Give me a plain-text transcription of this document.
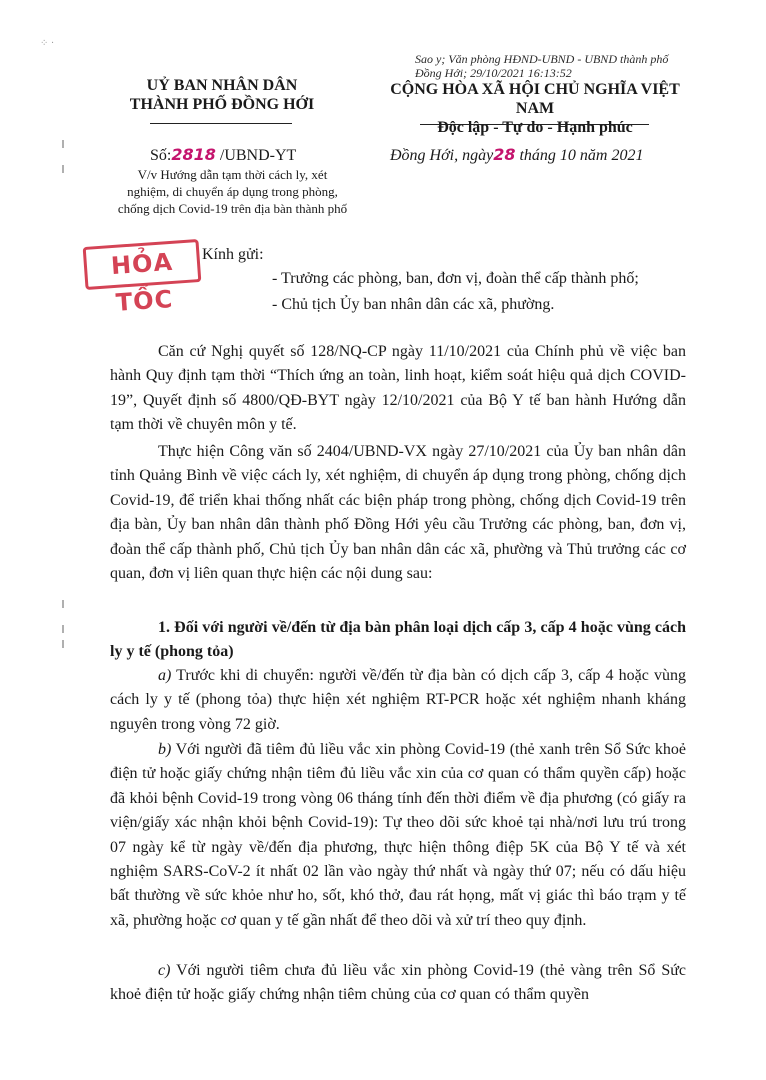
⁘ ·
Sao y; Văn phòng HĐND-UBND - UBND thành phố
Đồng Hới; 29/10/2021 16:13:52

UỶ BAN NHÂN DÂN

THÀNH PHỐ ĐỒNG HỚI

CỘNG HÒA XÃ HỘI CHỦ NGHĨA VIỆT NAM

Độc lập - Tự do - Hạnh phúc

Số:2818 /UBND-YT
V/v Hướng dẫn tạm thời cách ly, xét
nghiệm, di chuyển áp dụng trong phòng,
chống dịch Covid-19 trên địa bàn thành phố
Đồng Hới, ngày28 tháng 10 năm 2021
HỎA TỐC
Kính gửi:
- Trưởng các phòng, ban, đơn vị, đoàn thể cấp thành phố;
- Chủ tịch Ủy ban nhân dân các xã, phường.

Căn cứ Nghị quyết số 128/NQ-CP ngày 11/10/2021 của Chính phủ về việc ban hành Quy định tạm thời “Thích ứng an toàn, linh hoạt, kiểm soát hiệu quả dịch COVID-19”, Quyết định số 4800/QĐ-BYT ngày 12/10/2021 của Bộ Y tế ban hành Hướng dẫn tạm thời về chuyên môn y tế.

Thực hiện Công văn số 2404/UBND-VX ngày 27/10/2021 của Ủy ban nhân dân tỉnh Quảng Bình về việc cách ly, xét nghiệm, di chuyển áp dụng trong phòng, chống dịch Covid-19, để triển khai thống nhất các biện pháp trong phòng, chống dịch Covid-19 trên địa bàn, Ủy ban nhân dân thành phố Đồng Hới yêu cầu Trưởng các phòng, ban, đơn vị, đoàn thể cấp thành phố, Chủ tịch Ủy ban nhân dân các xã, phường và Thủ trưởng các cơ quan, đơn vị liên quan thực hiện các nội dung sau:

1. Đối với người về/đến từ địa bàn phân loại dịch cấp 3, cấp 4 hoặc vùng cách ly y tế (phong tỏa)

a) Trước khi di chuyển: người về/đến từ địa bàn có dịch cấp 3, cấp 4 hoặc vùng cách ly y tế (phong tỏa) thực hiện xét nghiệm RT-PCR hoặc xét nghiệm nhanh kháng nguyên trong vòng 72 giờ.

b) Với người đã tiêm đủ liều vắc xin phòng Covid-19 (thẻ xanh trên Sổ Sức khoẻ điện tử hoặc giấy chứng nhận tiêm đủ liều vắc xin của cơ quan có thẩm quyền cấp) hoặc đã khỏi bệnh Covid-19 trong vòng 06 tháng tính đến thời điểm về địa phương (có giấy ra viện/giấy xác nhận khỏi bệnh Covid-19): Tự theo dõi sức khoẻ tại nhà/nơi lưu trú trong 07 ngày kể từ ngày về/đến địa phương, thực hiện thông điệp 5K của Bộ Y tế và xét nghiệm SARS-CoV-2 ít nhất 02 lần vào ngày thứ nhất và ngày thứ 07; nếu có dấu hiệu bất thường về sức khỏe như ho, sốt, khó thở, đau rát họng, mất vị giác thì báo trạm y tế xã, phường hoặc cơ quan y tế gần nhất để theo dõi và xử trí theo quy định.

c) Với người tiêm chưa đủ liều vắc xin phòng Covid-19 (thẻ vàng trên Sổ Sức khoẻ điện tử hoặc giấy chứng nhận tiêm chủng của cơ quan có thẩm quyền
